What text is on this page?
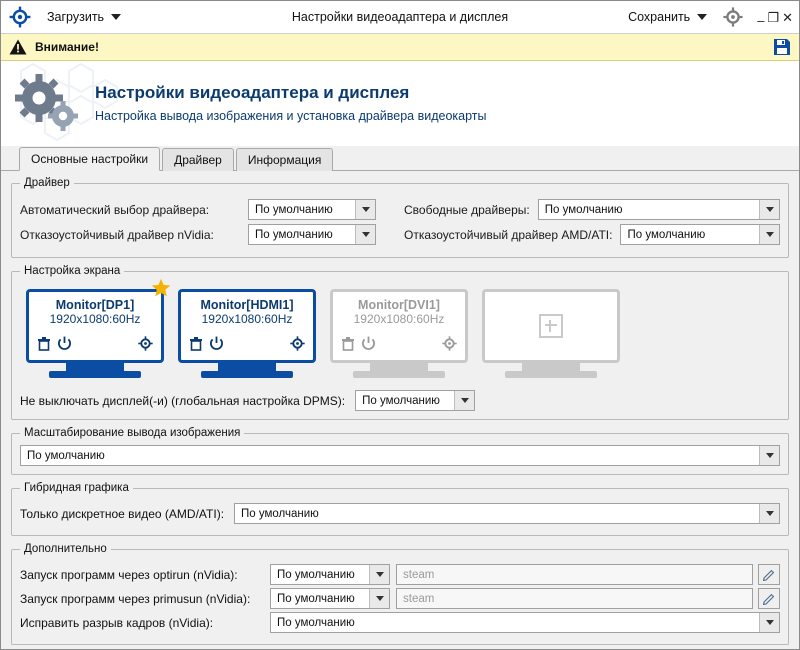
Загрузить	Настройки видеоадаптера и дисплея	Сохранить	– ❐ ✕
Внимание!
Настройки видеоадаптера и дисплея
Настройка вывода изображения и установка драйвера видеокарты
Основные настройки	Драйвер	Информация
Драйвер
Автоматический выбор драйвера:	По умолчанию	Свободные драйверы:	По умолчанию
Отказоустойчивый драйвер nVidia:	По умолчанию	Отказоустойчивый драйвер AMD/ATI:	По умолчанию
Настройка экрана
Monitor[DP1]
1920x1080:60Hz
Monitor[HDMI1]
1920x1080:60Hz
Monitor[DVI1]
1920x1080:60Hz
Не выключать дисплей(-и) (глобальная настройка DPMS):	По умолчанию
Масштабирование вывода изображения
По умолчанию
Гибридная графика
Только дискретное видео (AMD/ATI):	По умолчанию
Дополнительно
Запуск программ через optirun (nVidia):	По умолчанию	steam
Запуск программ через primusun (nVidia):	По умолчанию	steam
Исправить разрыв кадров (nVidia):	По умолчанию
